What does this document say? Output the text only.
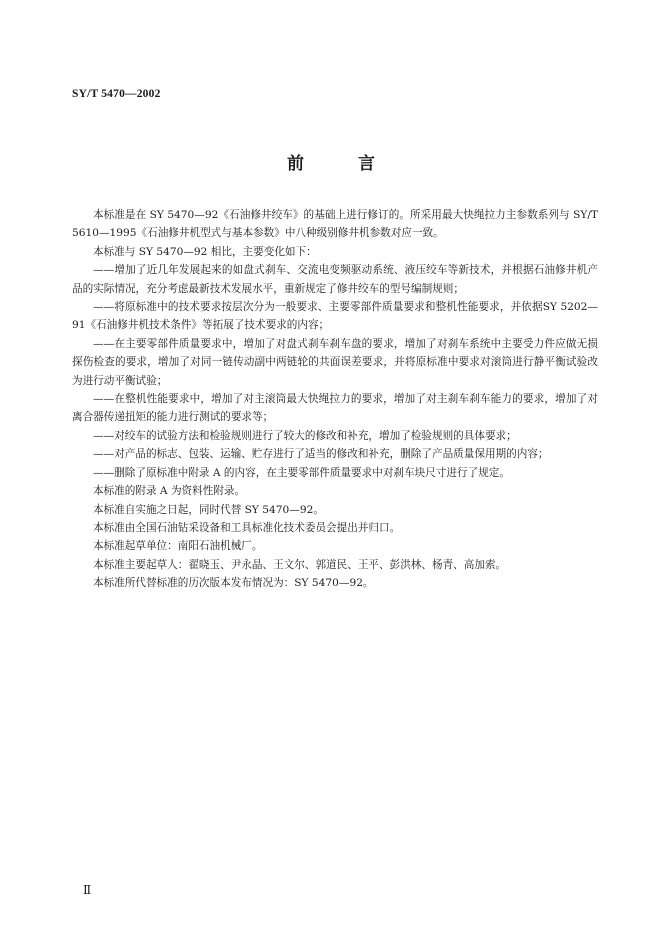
SY/T 5470—2002
前	言

本标准是在 SY 5470—92《石油修井绞车》的基础上进行修订的。所采用最大快绳拉力主参数系列与 SY/T 5610—1995《石油修井机型式与基本参数》中八种级别修井机参数对应一致。

本标准与 SY 5470—92 相比，主要变化如下：

——增加了近几年发展起来的如盘式刹车、交流电变频驱动系统、液压绞车等新技术，并根据石油修井机产品的实际情况，充分考虑最新技术发展水平，重新规定了修井绞车的型号编制规则；

——将原标准中的技术要求按层次分为一般要求、主要零部件质量要求和整机性能要求，并依据SY 5202—91《石油修井机技术条件》等拓展了技术要求的内容；

——在主要零部件质量要求中，增加了对盘式刹车刹车盘的要求，增加了对刹车系统中主要受力件应做无损探伤检查的要求，增加了对同一链传动副中两链轮的共面误差要求，并将原标准中要求对滚筒进行静平衡试验改为进行动平衡试验；

——在整机性能要求中，增加了对主滚筒最大快绳拉力的要求，增加了对主刹车刹车能力的要求，增加了对离合器传递扭矩的能力进行测试的要求等；

——对绞车的试验方法和检验规则进行了较大的修改和补充，增加了检验规则的具体要求；

——对产品的标志、包装、运输、贮存进行了适当的修改和补充，删除了产品质量保用期的内容；

——删除了原标准中附录 A 的内容，在主要零部件质量要求中对刹车块尺寸进行了规定。

本标准的附录 A 为资料性附录。

本标准自实施之日起，同时代替 SY 5470—92。

本标准由全国石油钻采设备和工具标准化技术委员会提出并归口。

本标准起草单位：南阳石油机械厂。

本标准主要起草人：翟晓玉、尹永晶、王文尔、郭道民、王平、彭洪林、杨青、高加索。

本标准所代替标准的历次版本发布情况为：SY 5470—92。

Ⅱ
